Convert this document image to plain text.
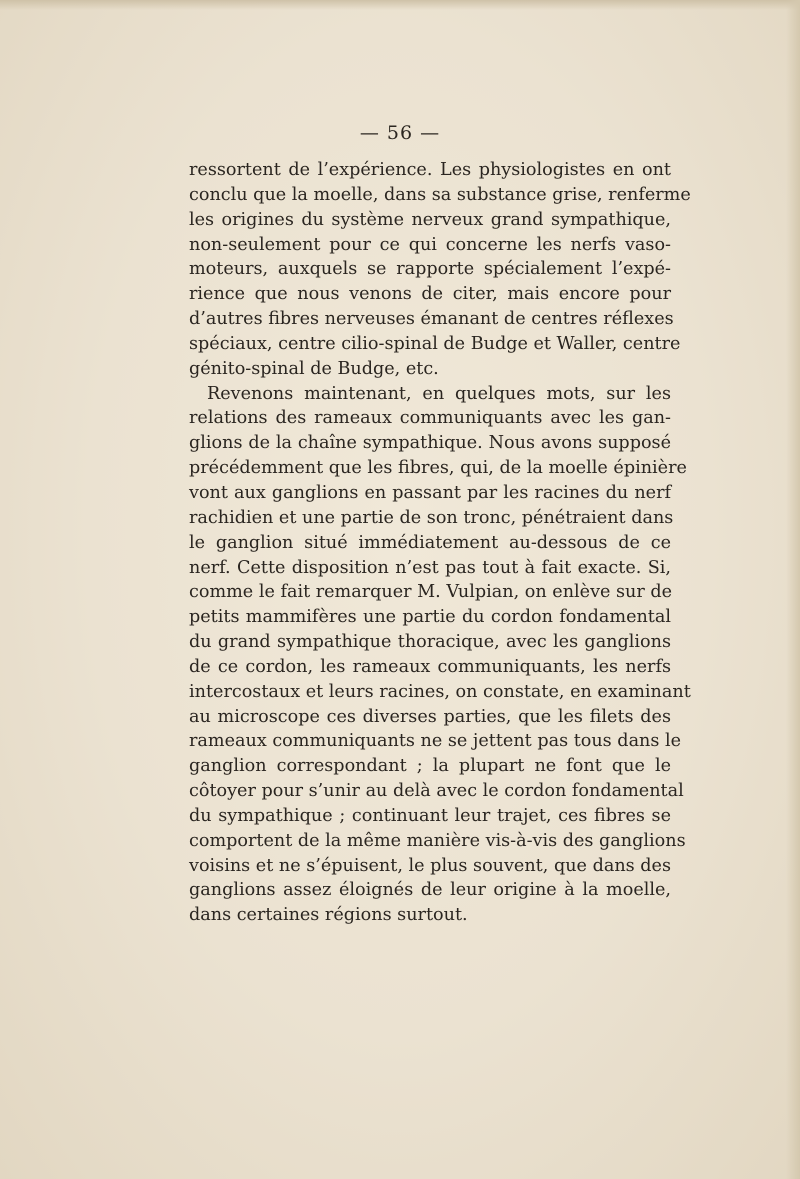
— 56 —
ressortent de l’expérience. Les physiologistes en ont
conclu que la moelle, dans sa substance grise, renferme
les origines du système nerveux grand sympathique,
non-seulement pour ce qui concerne les nerfs vaso-
moteurs, auxquels se rapporte spécialement l’expé-
rience que nous venons de citer, mais encore pour
d’autres fibres nerveuses émanant de centres réflexes
spéciaux, centre cilio-spinal de Budge et Waller, centre
génito-spinal de Budge, etc.
Revenons maintenant, en quelques mots, sur les
relations des rameaux communiquants avec les gan-
glions de la chaîne sympathique. Nous avons supposé
précédemment que les fibres, qui, de la moelle épinière
vont aux ganglions en passant par les racines du nerf
rachidien et une partie de son tronc, pénétraient dans
le ganglion situé immédiatement au-dessous de ce
nerf. Cette disposition n’est pas tout à fait exacte. Si,
comme le fait remarquer M. Vulpian, on enlève sur de
petits mammifères une partie du cordon fondamental
du grand sympathique thoracique, avec les ganglions
de ce cordon, les rameaux communiquants, les nerfs
intercostaux et leurs racines, on constate, en examinant
au microscope ces diverses parties, que les filets des
rameaux communiquants ne se jettent pas tous dans le
ganglion correspondant ; la plupart ne font que le
côtoyer pour s’unir au delà avec le cordon fondamental
du sympathique ; continuant leur trajet, ces fibres se
comportent de la même manière vis-à-vis des ganglions
voisins et ne s’épuisent, le plus souvent, que dans des
ganglions assez éloignés de leur origine à la moelle,
dans certaines régions surtout.
